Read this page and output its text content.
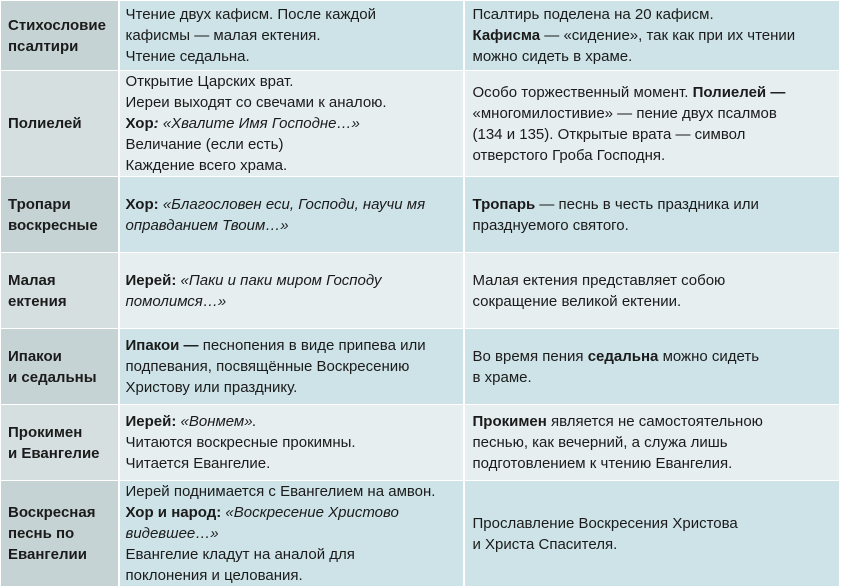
Стихословие
псалтири	Чтение двух кафисм. После каждой
кафисмы — малая ектения.
Чтение седальна.	Псалтирь поделена на 20 кафисм.
Кафисма — «сидение», так как при их чтении
можно сидеть в храме.

Полиелей	Открытие Царских врат.
Иереи выходят со свечами к аналою.
Хор: «Хвалите Имя Господне…»
Величание (если есть)
Каждение всего храма.	Особо торжественный момент. Полиелей —
«многомилостивие» — пение двух псалмов
(134 и 135). Открытые врата — символ
отверстого Гроба Господня.

Тропари
воскресные	Хор: «Благословен еси, Господи, научи мя
оправданием Твоим…»	Тропарь — песнь в честь праздника или
празднуемого святого.

Малая
ектения	Иерей: «Паки и паки миром Господу
помолимся…»	Малая ектения представляет собою
сокращение великой ектении.

Ипакои
и седальны	Ипакои — песнопения в виде припева или
подпевания, посвящённые Воскресению
Христову или празднику.	Во время пения седальна можно сидеть
в храме.

Прокимен
и Евангелие	Иерей: «Вонмем».
Читаются воскресные прокимны.
Читается Евангелие.	Прокимен является не самостоятельною
песнью, как вечерний, а служа лишь
подготовлением к чтению Евангелия.

Воскресная
песнь по
Евангелии	Иерей поднимается с Евангелием на амвон.
Хор и народ: «Воскресение Христово
видевшее…»
Евангелие кладут на аналой для
поклонения и целования.	Прославление Воскресения Христова
и Христа Спасителя.
